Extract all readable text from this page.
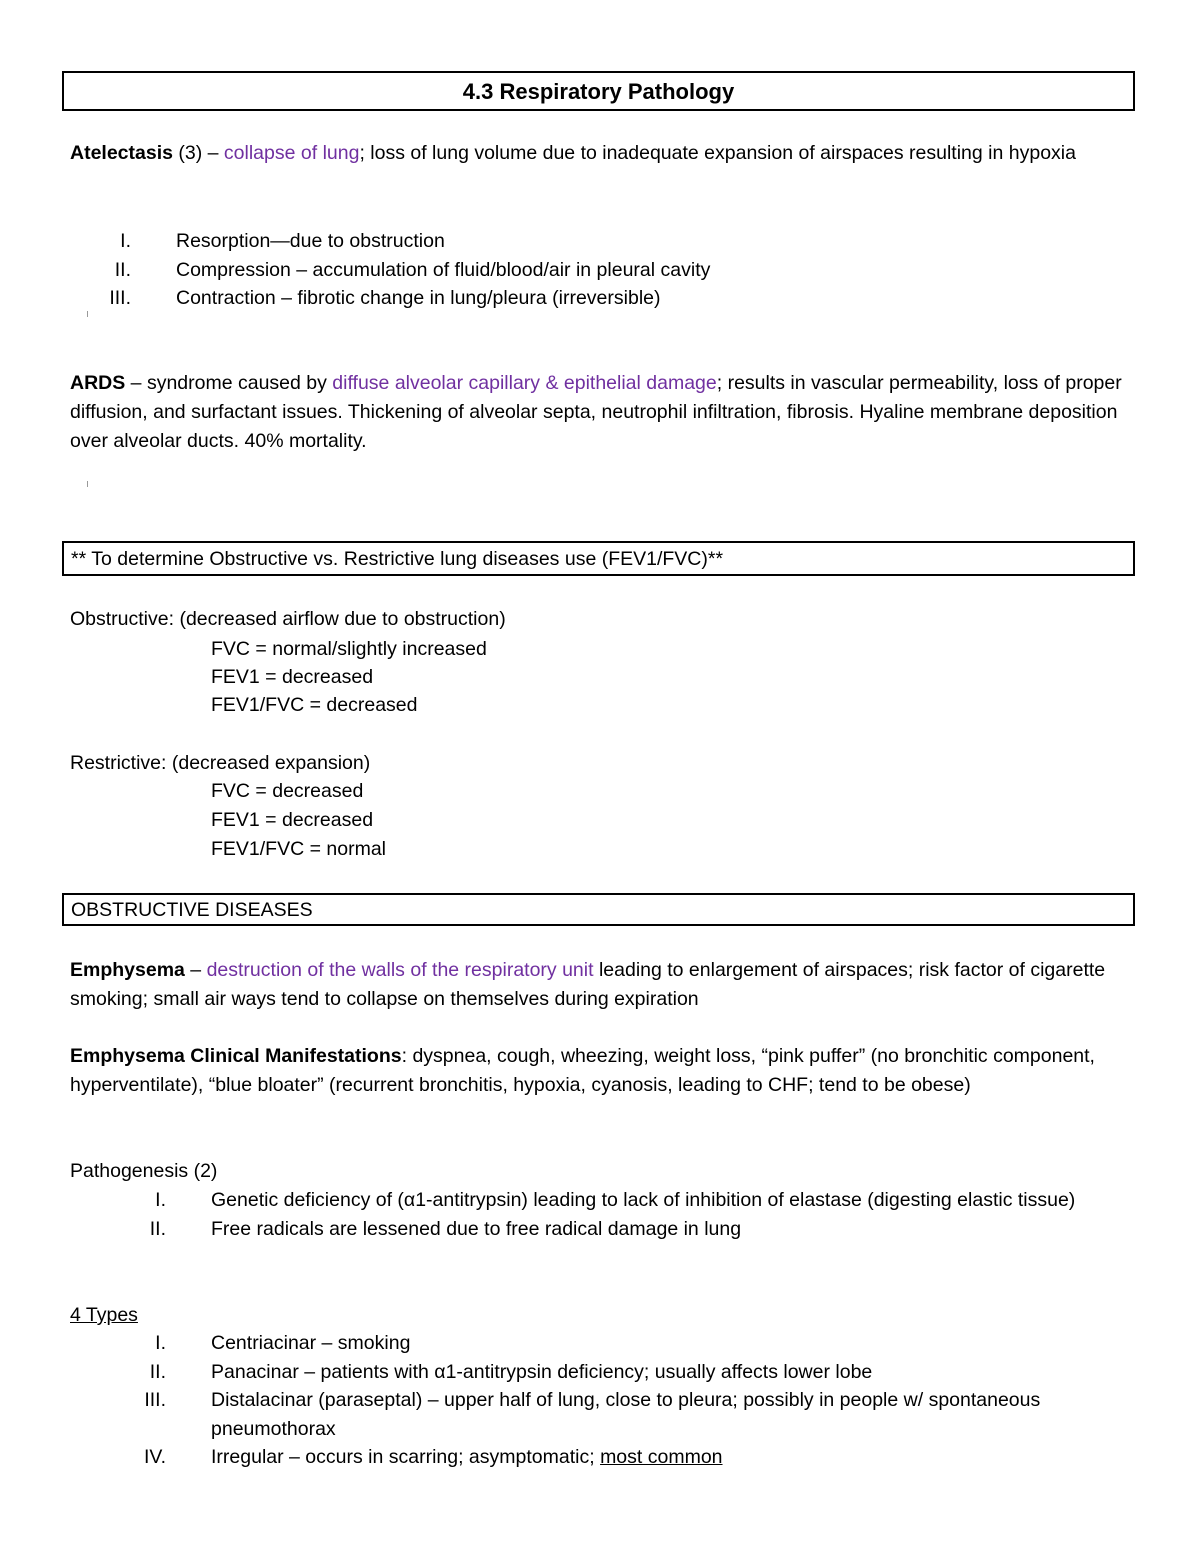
4.3 Respiratory Pathology

Atelectasis (3) – collapse of lung; loss of lung volume due to inadequate expansion of airspaces resulting in hypoxia

I. Resorption—due to obstruction
II. Compression – accumulation of fluid/blood/air in pleural cavity
III. Contraction – fibrotic change in lung/pleura (irreversible)

ARDS – syndrome caused by diffuse alveolar capillary & epithelial damage; results in vascular permeability, loss of proper diffusion, and surfactant issues. Thickening of alveolar septa, neutrophil infiltration, fibrosis. Hyaline membrane deposition over alveolar ducts. 40% mortality.

** To determine Obstructive vs. Restrictive lung diseases use (FEV1/FVC)**

Obstructive: (decreased airflow due to obstruction)

FVC = normal/slightly increased

FEV1 = decreased

FEV1/FVC = decreased

Restrictive: (decreased expansion)

FVC = decreased

FEV1 = decreased

FEV1/FVC = normal

OBSTRUCTIVE DISEASES

Emphysema – destruction of the walls of the respiratory unit leading to enlargement of airspaces; risk factor of cigarette smoking; small air ways tend to collapse on themselves during expiration

Emphysema Clinical Manifestations: dyspnea, cough, wheezing, weight loss, “pink puffer” (no bronchitic component, hyperventilate), “blue bloater” (recurrent bronchitis, hypoxia, cyanosis, leading to CHF; tend to be obese)

Pathogenesis (2)

I. Genetic deficiency of (α1-antitrypsin) leading to lack of inhibition of elastase (digesting elastic tissue)
II. Free radicals are lessened due to free radical damage in lung

4 Types

I. Centriacinar – smoking
II. Panacinar – patients with α1-antitrypsin deficiency; usually affects lower lobe
III. Distalacinar (paraseptal) – upper half of lung, close to pleura; possibly in people w/ spontaneous pneumothorax
IV. Irregular – occurs in scarring; asymptomatic; most common
